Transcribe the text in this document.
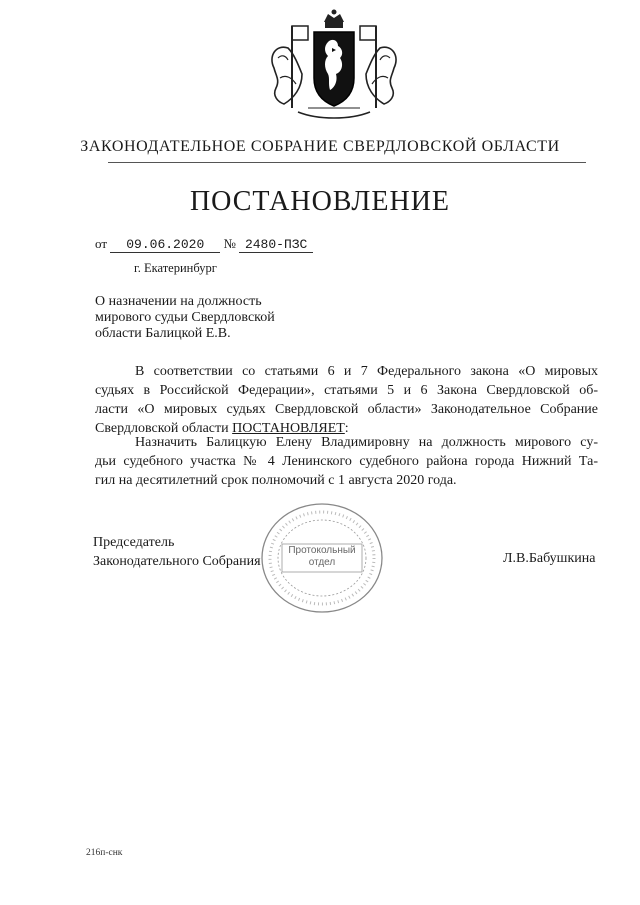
ЗАКОНОДАТЕЛЬНОЕ СОБРАНИЕ СВЕРДЛОВСКОЙ ОБЛАСТИ
ПОСТАНОВЛЕНИЕ
от 09.06.2020 № 2480-ПЗС
г. Екатеринбург
О назначении на должность
мирового судьи Свердловской
области Балицкой Е.В.
В соответствии со статьями 6 и 7 Федерального закона «О мировых
судьях в Российской Федерации», статьями 5 и 6 Закона Свердловской об-
ласти «О мировых судьях Свердловской области» Законодательное Собрание
Свердловской области ПОСТАНОВЛЯЕТ:
Назначить Балицкую Елену Владимировну на должность мирового су-
дьи судебного участка № 4 Ленинского судебного района города Нижний Та-
гил на десятилетний срок полномочий с 1 августа 2020 года.
Протокольный
отдел
Председатель
Законодательного Собрания	Л.В.Бабушкина
216п-снк
